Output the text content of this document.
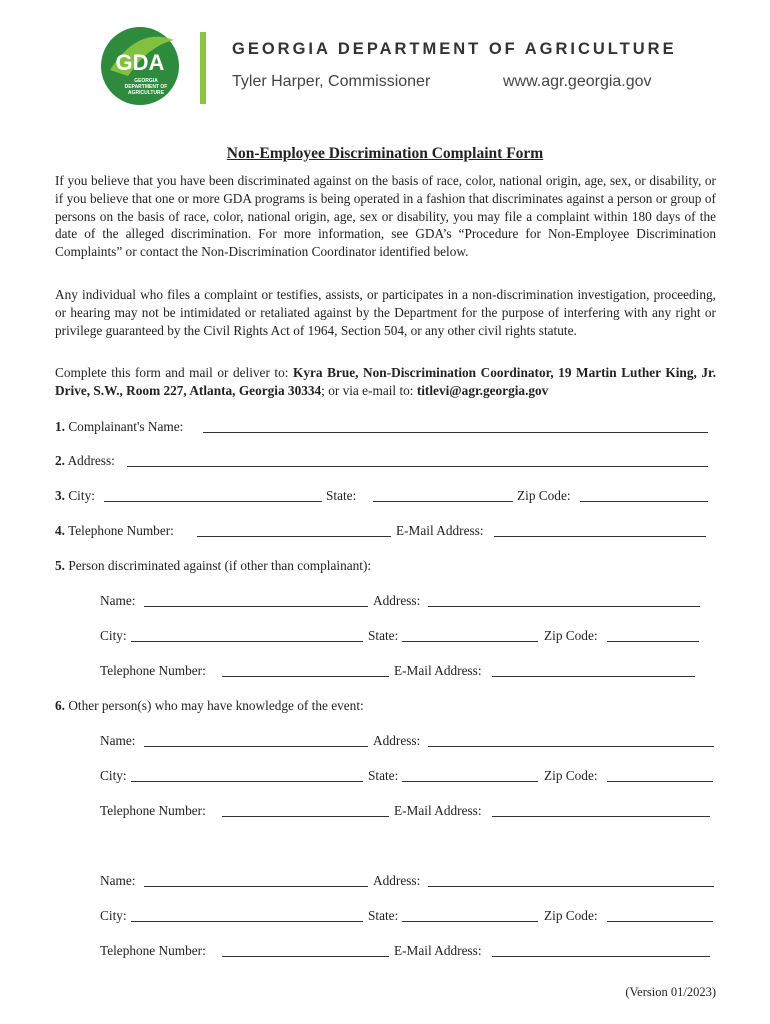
GDA
GEORGIA
DEPARTMENT OF
AGRICULTURE
GEORGIA DEPARTMENT OF AGRICULTURE
Tyler Harper, Commissioner	www.agr.georgia.gov
Non-Employee Discrimination Complaint Form
If you believe that you have been discriminated against on the basis of race, color, national origin, age, sex, or disability, or if you believe that one or more GDA programs is being operated in a fashion that discriminates against a person or group of persons on the basis of race, color, national origin, age, sex or disability, you may file a complaint within 180 days of the date of the alleged discrimination. For more information, see GDA’s “Procedure for Non-Employee Discrimination Complaints” or contact the Non-Discrimination Coordinator identified below.
Any individual who files a complaint or testifies, assists, or participates in a non-discrimination investigation, proceeding, or hearing may not be intimidated or retaliated against by the Department for the purpose of interfering with any right or privilege guaranteed by the Civil Rights Act of 1964, Section 504, or any other civil rights statute.
Complete this form and mail or deliver to: Kyra Brue, Non-Discrimination Coordinator, 19 Martin Luther King, Jr. Drive, S.W., Room 227, Atlanta, Georgia 30334; or via e-mail to: titlevi@agr.georgia.gov
1. Complainant's Name:
2. Address:
3. City:	State:	Zip Code:
4. Telephone Number:	E-Mail Address:
5. Person discriminated against (if other than complainant):
Name:	Address:
City:	State:	Zip Code:
Telephone Number:	E-Mail Address:
6. Other person(s) who may have knowledge of the event:
Name:	Address:
City:	State:	Zip Code:
Telephone Number:	E-Mail Address:
Name:	Address:
City:	State:	Zip Code:
Telephone Number:	E-Mail Address:
(Version 01/2023)
